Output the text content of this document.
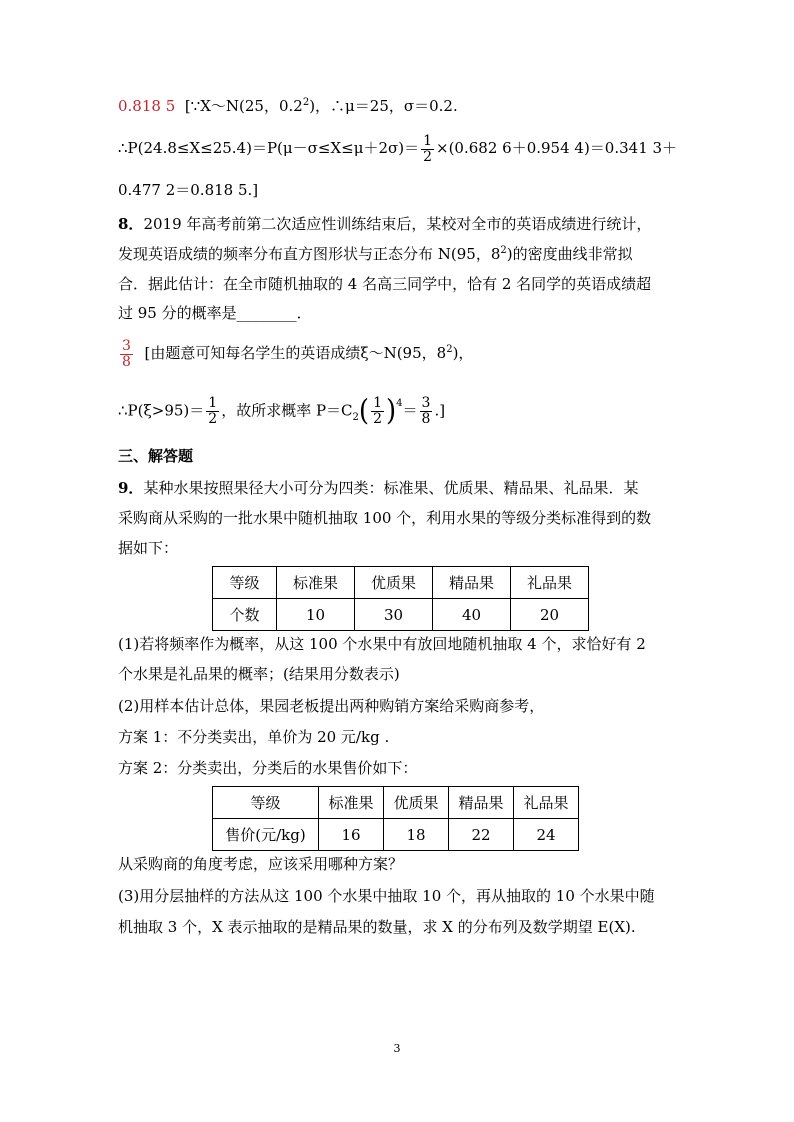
0.818 5 [∵X～N(25，$0.2^2$)，∴μ＝25，σ＝0.2.
∴P(24.8≤X≤25.4)＝P(μ－σ≤X≤μ＋2σ)＝ $\frac{1}{2} \times(0.682$ 6＋0.954 4)＝0.341 3＋
0.477 2＝0.818 5.]
8．2019 年高考前第二次适应性训练结束后，某校对全市的英语成绩进行统计，
发现英语成绩的频率分布直方图形状与正态分布 N(95，$8^2$)的密度曲线非常拟
合．据此估计：在全市随机抽取的 4 名高三同学中，恰有 2 名同学的英语成绩超
过 95 分的概率是________．
$\frac{3}{8}$ [由题意可知每名学生的英语成绩ξ～N(95，$8^2$)，
∴P(ξ>95)＝ $\frac{1}{2}$ ，故所求概率 $P=C_2( \frac{1}{2} )^4= \frac{3}{8}$ .]
三、解答题
9．某种水果按照果径大小可分为四类：标准果、优质果、精品果、礼品果．某
采购商从采购的一批水果中随机抽取 100 个，利用水果的等级分类标准得到的数
据如下：
等级	标准果	优质果	精品果	礼品果
个数	10	30	40	20
(1)若将频率作为概率，从这 100 个水果中有放回地随机抽取 4 个，求恰好有 2
个水果是礼品果的概率；(结果用分数表示)
(2)用样本估计总体，果园老板提出两种购销方案给采购商参考，
方案 1：不分类卖出，单价为 20 元/kg .
方案 2：分类卖出，分类后的水果售价如下：
等级	标准果	优质果	精品果	礼品果
售价(元/kg)	16	18	22	24
从采购商的角度考虑，应该采用哪种方案？
(3)用分层抽样的方法从这 100 个水果中抽取 10 个，再从抽取的 10 个水果中随
机抽取 3 个，X 表示抽取的是精品果的数量，求 X 的分布列及数学期望 E(X).
3
